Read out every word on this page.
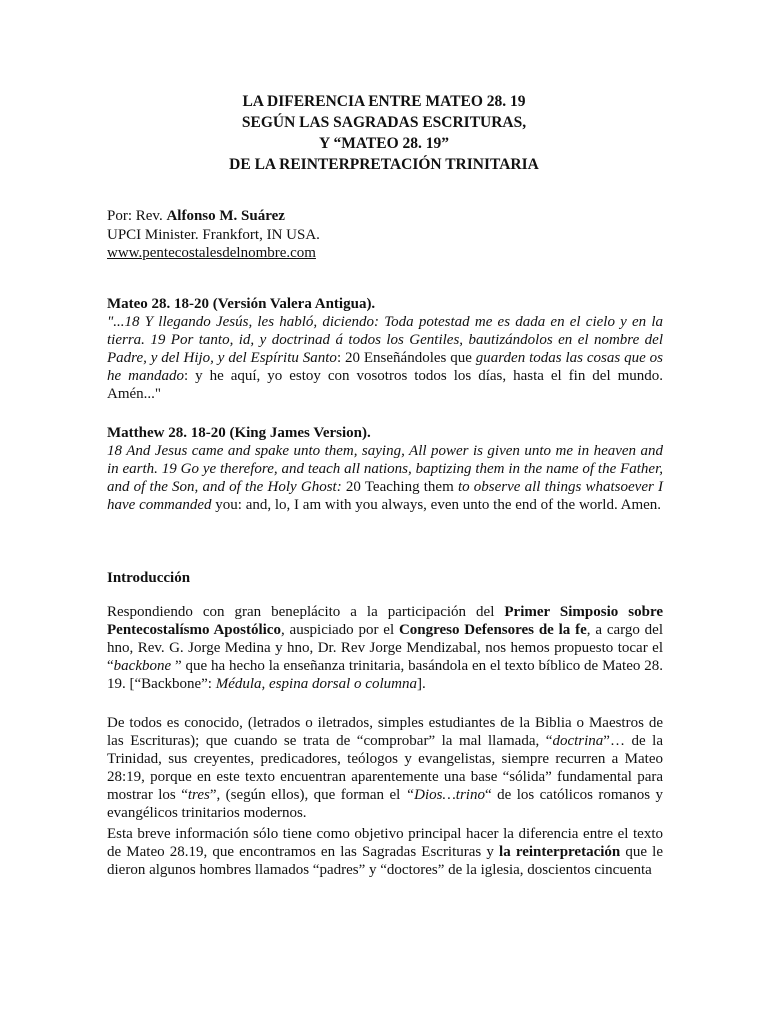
LA DIFERENCIA ENTRE MATEO 28. 19
SEGÚN LAS SAGRADAS ESCRITURAS,
Y “MATEO 28. 19”
DE LA REINTERPRETACIÓN TRINITARIA
Por: Rev. Alfonso M. Suárez
UPCI Minister. Frankfort, IN USA.
www.pentecostalesdelnombre.com

Mateo 28. 18-20 (Versión Valera Antigua).

"...18 Y llegando Jesús, les habló, diciendo: Toda potestad me es dada en el cielo y en la tierra. 19 Por tanto, id, y doctrinad á todos los Gentiles, bautizándolos en el nombre del Padre, y del Hijo, y del Espíritu Santo: 20 Enseñándoles que guarden todas las cosas que os he mandado: y he aquí, yo estoy con vosotros todos los días, hasta el fin del mundo. Amén..."

Matthew 28. 18-20 (King James Version).

18 And Jesus came and spake unto them, saying, All power is given unto me in heaven and in earth. 19 Go ye therefore, and teach all nations, baptizing them in the name of the Father, and of the Son, and of the Holy Ghost: 20 Teaching them to observe all things whatsoever I have commanded you: and, lo, I am with you always, even unto the end of the world. Amen.

Introducción

Respondiendo con gran beneplácito a la participación del Primer Simposio sobre Pentecostalísmo Apostólico, auspiciado por el Congreso Defensores de la fe, a cargo del hno, Rev. G. Jorge Medina y hno, Dr. Rev Jorge Mendizabal, nos hemos propuesto tocar el “backbone ” que ha hecho la enseñanza trinitaria, basándola en el texto bíblico de Mateo 28. 19. [“Backbone”: Médula, espina dorsal o columna].

De todos es conocido, (letrados o iletrados, simples estudiantes de la Biblia o Maestros de las Escrituras); que cuando se trata de “comprobar” la mal llamada, “doctrina”… de la Trinidad, sus creyentes, predicadores, teólogos y evangelistas, siempre recurren a Mateo 28:19, porque en este texto encuentran aparentemente una base “sólida” fundamental para mostrar los “tres”, (según ellos), que forman el “Dios…trino“ de los católicos romanos y evangélicos trinitarios modernos.

Esta breve información sólo tiene como objetivo principal hacer la diferencia entre el texto de Mateo 28.19, que encontramos en las Sagradas Escrituras y la reinterpretación que le dieron algunos hombres llamados “padres” y “doctores” de la iglesia, doscientos cincuenta
